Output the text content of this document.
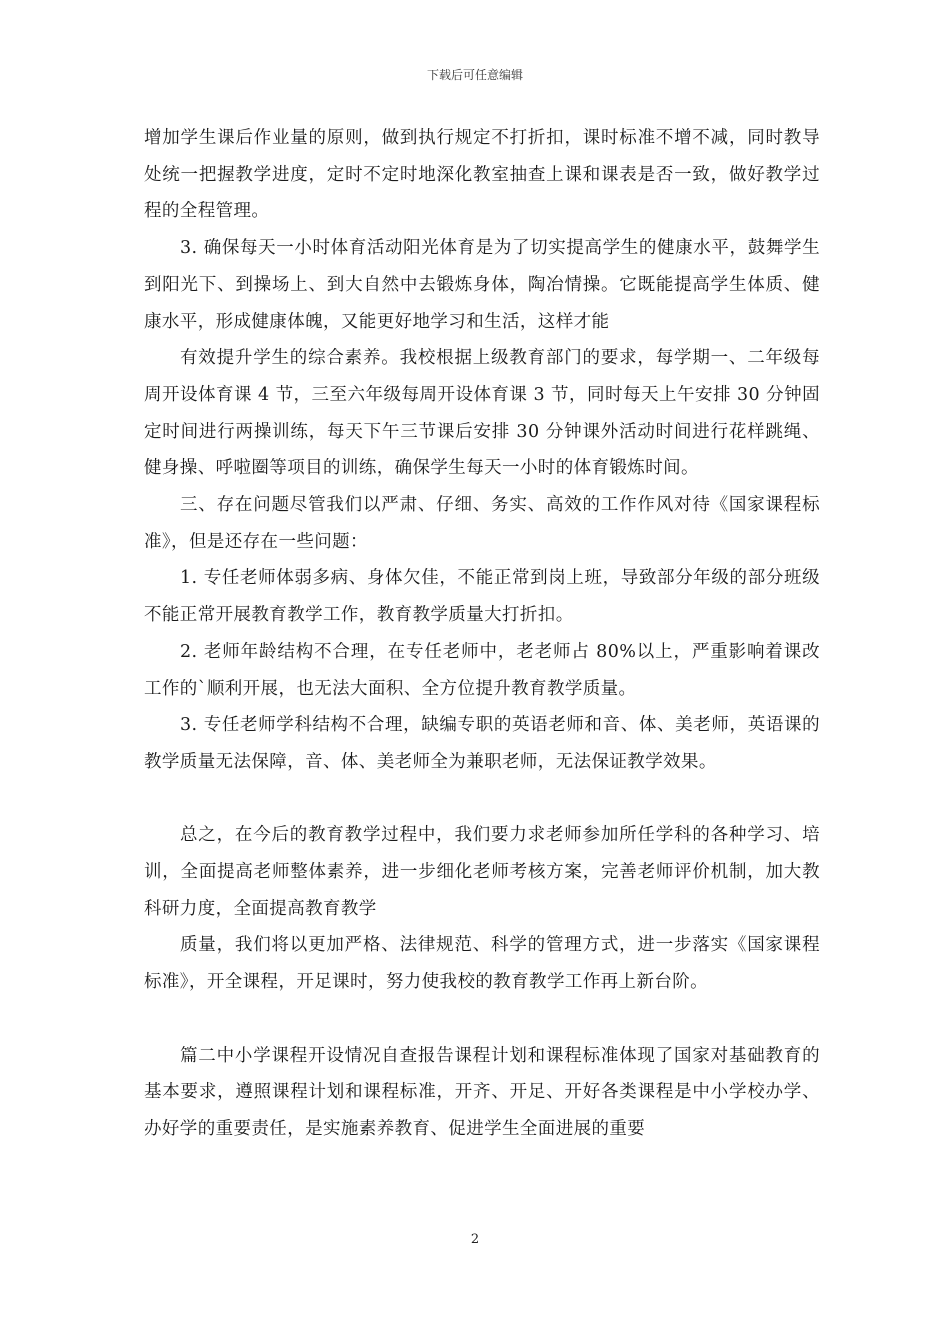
下载后可任意编辑

增加学生课后作业量的原则，做到执行规定不打折扣，课时标准不增不减，同时教导处统一把握教学进度，定时不定时地深化教室抽查上课和课表是否一致，做好教学过程的全程管理。

3. 确保每天一小时体育活动阳光体育是为了切实提高学生的健康水平，鼓舞学生到阳光下、到操场上、到大自然中去锻炼身体，陶冶情操。它既能提高学生体质、健康水平，形成健康体魄，又能更好地学习和生活，这样才能

有效提升学生的综合素养。我校根据上级教育部门的要求，每学期一、二年级每周开设体育课 4 节，三至六年级每周开设体育课 3 节，同时每天上午安排 30 分钟固定时间进行两操训练，每天下午三节课后安排 30 分钟课外活动时间进行花样跳绳、健身操、呼啦圈等项目的训练，确保学生每天一小时的体育锻炼时间。

三、存在问题尽管我们以严肃、仔细、务实、高效的工作作风对待《国家课程标准》，但是还存在一些问题：

1. 专任老师体弱多病、身体欠佳，不能正常到岗上班，导致部分年级的部分班级不能正常开展教育教学工作，教育教学质量大打折扣。

2. 老师年龄结构不合理，在专任老师中，老老师占 80%以上，严重影响着课改工作的`顺利开展，也无法大面积、全方位提升教育教学质量。

3. 专任老师学科结构不合理，缺编专职的英语老师和音、体、美老师，英语课的教学质量无法保障，音、体、美老师全为兼职老师，无法保证教学效果。

总之，在今后的教育教学过程中，我们要力求老师参加所任学科的各种学习、培训，全面提高老师整体素养，进一步细化老师考核方案，完善老师评价机制，加大教科研力度，全面提高教育教学

质量，我们将以更加严格、法律规范、科学的管理方式，进一步落实《国家课程标准》，开全课程，开足课时，努力使我校的教育教学工作再上新台阶。

篇二中小学课程开设情况自查报告课程计划和课程标准体现了国家对基础教育的基本要求，遵照课程计划和课程标准，开齐、开足、开好各类课程是中小学校办学、办好学的重要责任，是实施素养教育、促进学生全面进展的重要

2
